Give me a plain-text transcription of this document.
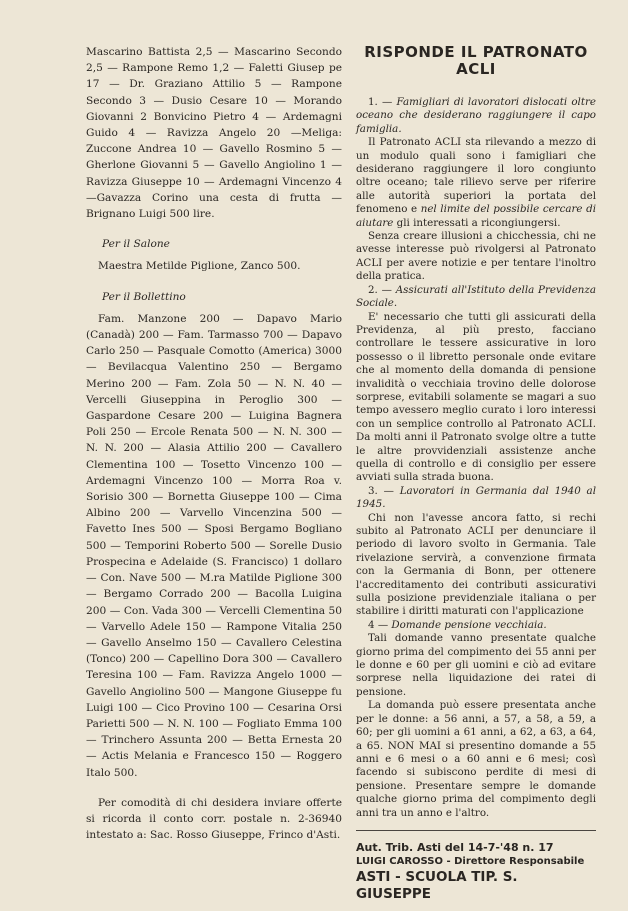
Mascarino Battista 2,5 — Mascarino Secondo 2,5 — Rampone Remo 1,2 — Faletti Giusep pe 17 — Dr. Graziano Attilio 5 — Rampone Secondo 3 — Dusio Cesare 10 — Morando Giovanni 2 Bonvicino Pietro 4 — Ardemagni Guido 4 — Ravizza Angelo 20 —Meliga: Zuccone Andrea 10 — Gavello Rosmino 5 — Gherlone Giovanni 5 — Gavello Angiolino 1 — Ravizza Giuseppe 10 — Ardemagni Vincenzo 4 —Gavazza Corino una cesta di frutta — Brignano Luigi 500 lire.

Per il Salone

Maestra Metilde Piglione, Zanco 500.

Per il Bollettino

Fam. Manzone 200 — Dapavo Mario (Canadà) 200 — Fam. Tarmasso 700 — Dapavo Carlo 250 — Pasquale Comotto (America) 3000 — Bevilacqua Valentino 250 — Bergamo Merino 200 — Fam. Zola 50 — N. N. 40 — Vercelli Giuseppina in Peroglio 300 — Gaspardone Cesare 200 — Luigina Bagnera Poli 250 — Ercole Renata 500 — N. N. 300 — N. N. 200 — Alasia Attilio 200 — Cavallero Clementina 100 — Tosetto Vincenzo 100 — Ardemagni Vincenzo 100 — Morra Roa v. Sorisio 300 — Bornetta Giuseppe 100 — Cima Albino 200 — Varvello Vincenzina 500 — Favetto Ines 500 — Sposi Bergamo Bogliano 500 — Temporini Roberto 500 — Sorelle Dusio Prospecina e Adelaide (S. Francisco) 1 dollaro — Con. Nave 500 — M.ra Matilde Piglione 300 — Bergamo Corrado 200 — Bacolla Luigina 200 — Con. Vada 300 — Vercelli Clementina 50 — Varvello Adele 150 — Rampone Vitalia 250 — Gavello Anselmo 150 — Cavallero Celestina (Tonco) 200 — Capellino Dora 300 — Cavallero Teresina 100 — Fam. Ravizza Angelo 1000 — Gavello Angiolino 500 — Mangone Giuseppe fu Luigi 100 — Cico Provino 100 — Cesarina Orsi Parietti 500 — N. N. 100 — Fogliato Emma 100 — Trinchero Assunta 200 — Betta Ernesta 20 — Actis Melania e Francesco 150 — Roggero Italo 500.

Per comodità di chi desidera inviare offerte si ricorda il conto corr. postale n. 2-36940 intestato a: Sac. Rosso Giuseppe, Frinco d'Asti.

RISPONDE IL PATRONATO
ACLI

1. — Famigliari di lavoratori dislocati oltre oceano che desiderano raggiungere il capo famiglia.

Il Patronato ACLI sta rilevando a mezzo di un modulo quali sono i famigliari che desiderano raggiungere il loro congiunto oltre oceano; tale rilievo serve per riferire alle autorità superiori la portata del fenomeno e nel limite del possibile cercare di aiutare gli interessati a ricongiungersi.

Senza creare illusioni a chicchessia, chi ne avesse interesse può rivolgersi al Patronato ACLI per avere notizie e per tentare l'inoltro della pratica.

2. — Assicurati all'Istituto della Previdenza Sociale.

E' necessario che tutti gli assicurati della Previdenza, al più presto, facciano controllare le tessere assicurative in loro possesso o il libretto personale onde evitare che al momento della domanda di pensione invalidità o vecchiaia trovino delle dolorose sorprese, evitabili solamente se magari a suo tempo avessero meglio curato i loro interessi con un semplice controllo al Patronato ACLI. Da molti anni il Patronato svolge oltre a tutte le altre provvidenziali assistenze anche quella di controllo e di consiglio per essere avviati sulla strada buona.

3. — Lavoratori in Germania dal 1940 al 1945.

Chi non l'avesse ancora fatto, si rechi subito al Patronato ACLI per denunciare il periodo di lavoro svolto in Germania. Tale rivelazione servirà, a convenzione firmata con la Germania di Bonn, per ottenere l'accreditamento dei contributi assicurativi sulla posizione previdenziale italiana o per stabilire i diritti maturati con l'applicazione

4 — Domande pensione vecchiaia.

Tali domande vanno presentate qualche giorno prima del compimento dei 55 anni per le donne e 60 per gli uomini e ciò ad evitare sorprese nella liquidazione dei ratei di pensione.

La domanda può essere presentata anche per le donne: a 56 anni, a 57, a 58, a 59, a 60; per gli uomini a 61 anni, a 62, a 63, a 64, a 65. NON MAI si presentino domande a 55 anni e 6 mesi o a 60 anni e 6 mesi; così facendo si subiscono perdite di mesi di pensione. Presentare sempre le domande qualche giorno prima del compimento degli anni tra un anno e l'altro.

Aut. Trib. Asti del 14-7-'48 n. 17
LUIGI CAROSSO - Direttore Responsabile
ASTI - SCUOLA TIP. S. GIUSEPPE
